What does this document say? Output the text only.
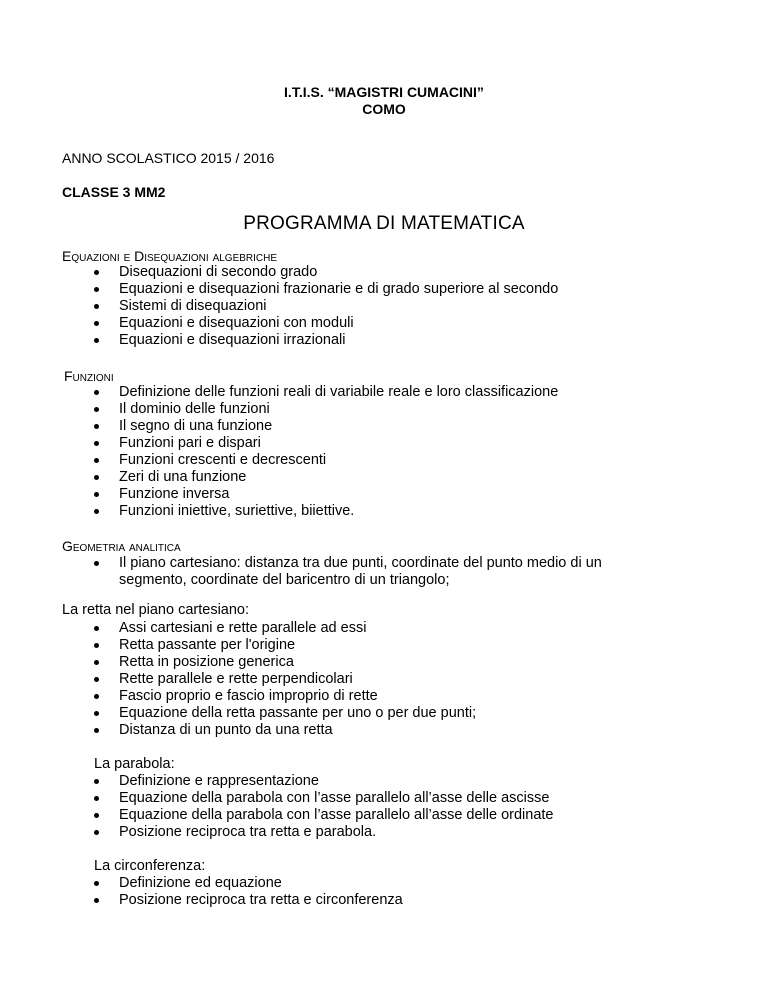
I.T.I.S. “MAGISTRI CUMACINI”
COMO
ANNO SCOLASTICO 2015 / 2016
CLASSE 3 MM2
PROGRAMMA DI MATEMATICA
Equazioni e Disequazioni algebriche
Disequazioni di secondo grado
Equazioni e disequazioni frazionarie e di grado superiore al secondo
Sistemi di disequazioni
Equazioni e disequazioni con moduli
Equazioni e disequazioni irrazionali
Funzioni
Definizione delle funzioni reali di variabile reale e loro classificazione
Il dominio delle funzioni
Il segno di una funzione
Funzioni pari e dispari
Funzioni crescenti e decrescenti
Zeri di una funzione
Funzione inversa
Funzioni iniettive, suriettive, biiettive.
Geometria analitica
Il piano cartesiano: distanza tra due punti, coordinate del punto medio di un
segmento, coordinate del baricentro di un triangolo;
La retta nel piano cartesiano:
Assi cartesiani e rette parallele ad essi
Retta passante per l'origine
Retta in posizione generica
Rette parallele e rette perpendicolari
Fascio proprio e fascio improprio di rette
Equazione della retta passante per uno o per due punti;
Distanza di un punto da una retta
La parabola:
Definizione e rappresentazione
Equazione della parabola con l’asse parallelo all’asse delle ascisse
Equazione della parabola con l’asse parallelo all’asse delle ordinate
Posizione reciproca tra retta e parabola.
La circonferenza:
Definizione ed equazione
Posizione reciproca tra retta e circonferenza
